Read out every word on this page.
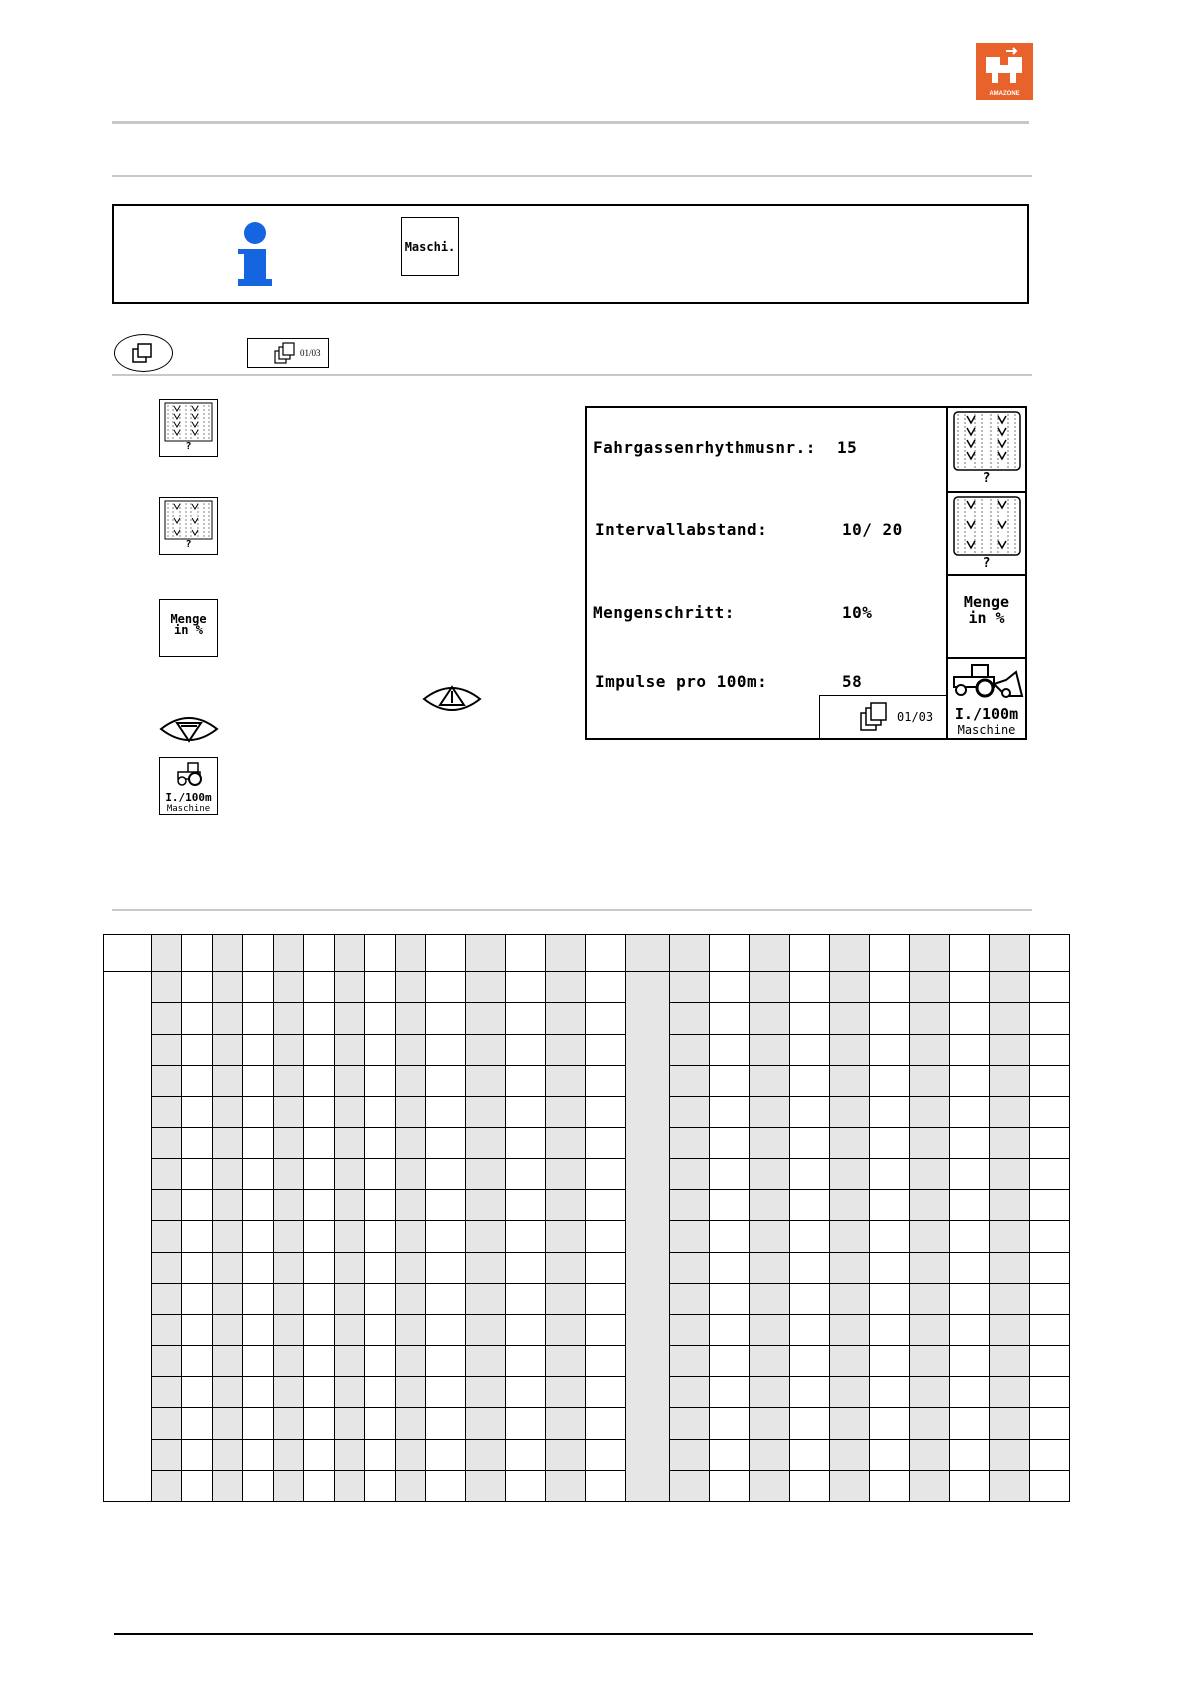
AMAZONE
Maschi.
01/03
?
?
Menge
in %
I./100m
Maschine
Fahrgassenrhythmusnr.: 15
Intervallabstand:	10/ 20
Mengenschritt:	10%
Impulse pro 100m:	58
01/03
?
?
Menge
in %
I./100m
Maschine
